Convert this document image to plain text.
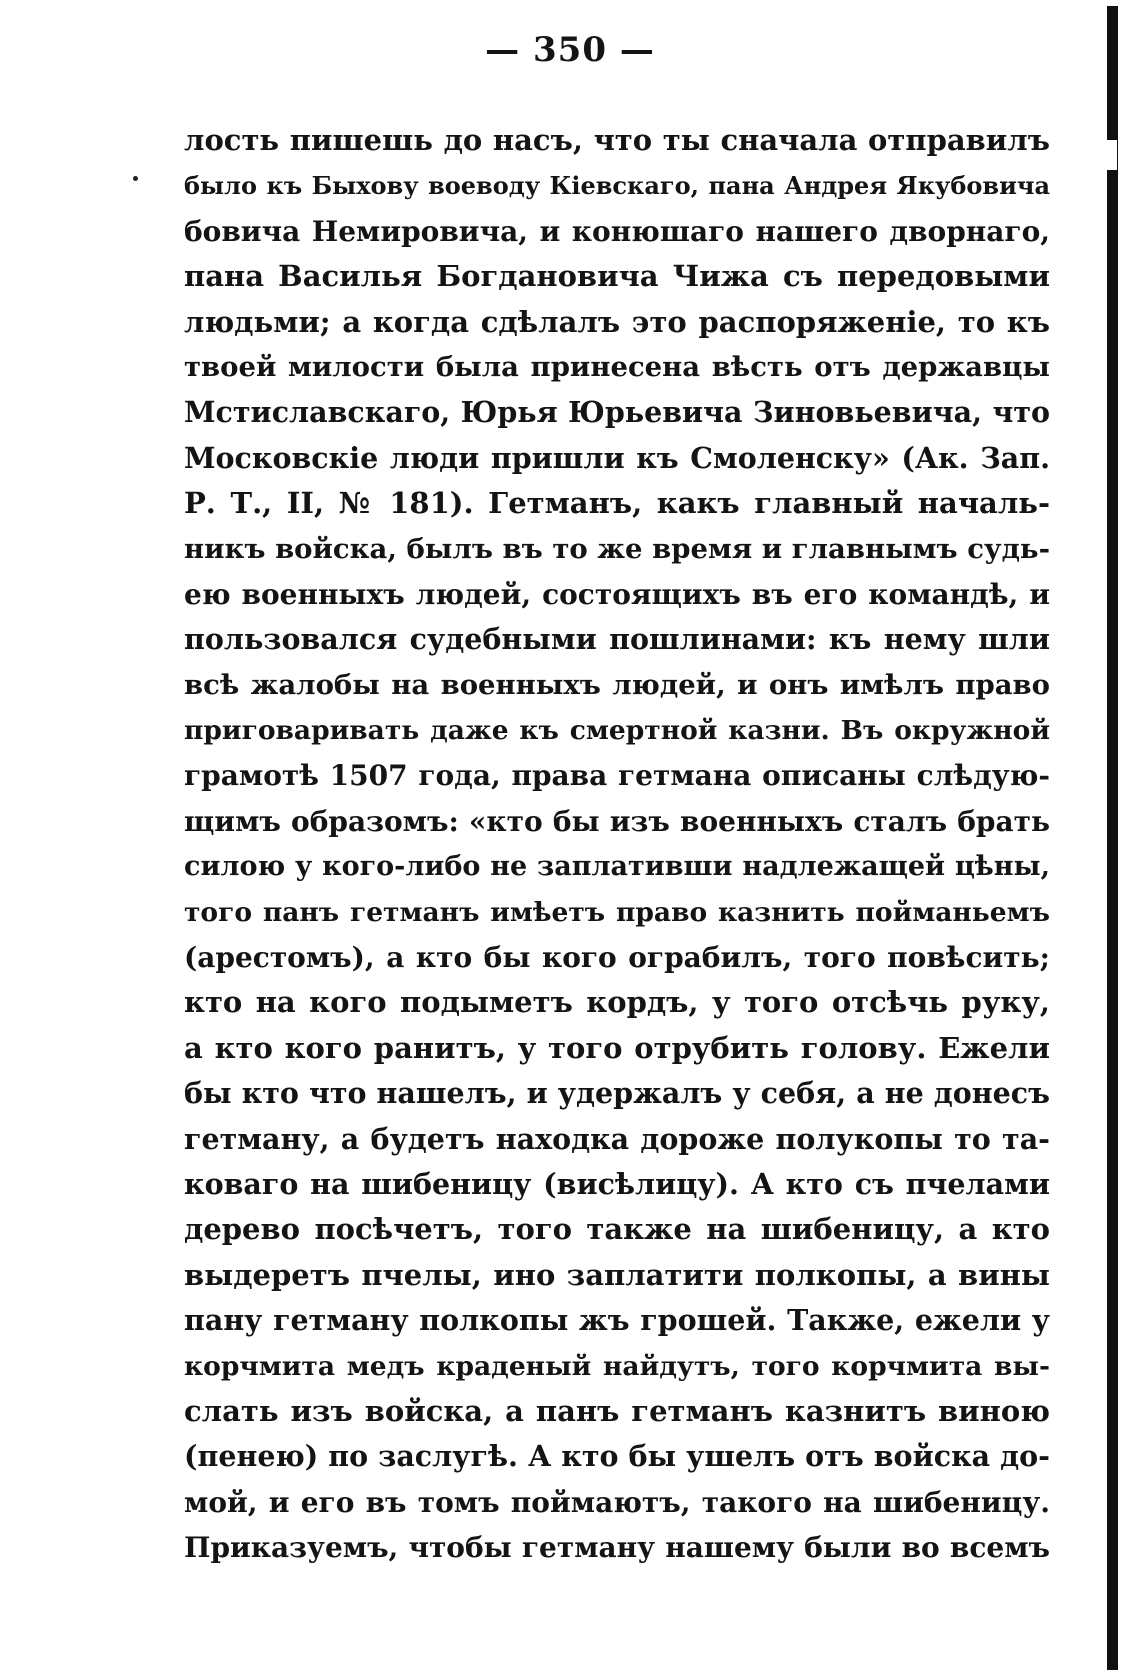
— 350 —
лость пишешь до насъ, что ты сначала отправилъ
было къ Быхову воеводу Кіевскаго, пана Андрея Якубовича
бовича Немировича, и конюшаго нашего дворнаго,
пана Василья Богдановича Чижа съ передовыми
людьми; а когда сдѣлалъ это распоряженіе, то къ
твоей милости была принесена вѣсть отъ державцы
Мстиславскаго, Юрья Юрьевича Зиновьевича, что
Московскіе люди пришли къ Смоленску» (Ак. Зап.
Р. Т., II, № 181). Гетманъ, какъ главный началь-
никъ войска, былъ въ то же время и главнымъ судь-
ею военныхъ людей, состоящихъ въ его командѣ, и
пользовался судебными пошлинами: къ нему шли
всѣ жалобы на военныхъ людей, и онъ имѣлъ право
приговаривать даже къ смертной казни. Въ окружной
грамотѣ 1507 года, права гетмана описаны слѣдую-
щимъ образомъ: «кто бы изъ военныхъ сталъ брать
силою у кого-либо не заплативши надлежащей цѣны,
того панъ гетманъ имѣетъ право казнить пойманьемъ
(арестомъ), а кто бы кого ограбилъ, того повѣсить;
кто на кого подыметъ кордъ, у того отсѣчь руку,
а кто кого ранитъ, у того отрубить голову. Ежели
бы кто что нашелъ, и удержалъ у себя, а не донесъ
гетману, а будетъ находка дороже полукопы то та-
коваго на шибеницу (висѣлицу). А кто съ пчелами
дерево посѣчетъ, того также на шибеницу, а кто
выдеретъ пчелы, ино заплатити полкопы, а вины
пану гетману полкопы жъ грошей. Также, ежели у
корчмита медъ краденый найдутъ, того корчмита вы-
слать изъ войска, а панъ гетманъ казнитъ виною
(пенею) по заслугѣ. А кто бы ушелъ отъ войска до-
мой, и его въ томъ поймаютъ, такого на шибеницу.
Приказуемъ, чтобы гетману нашему были во всемъ
